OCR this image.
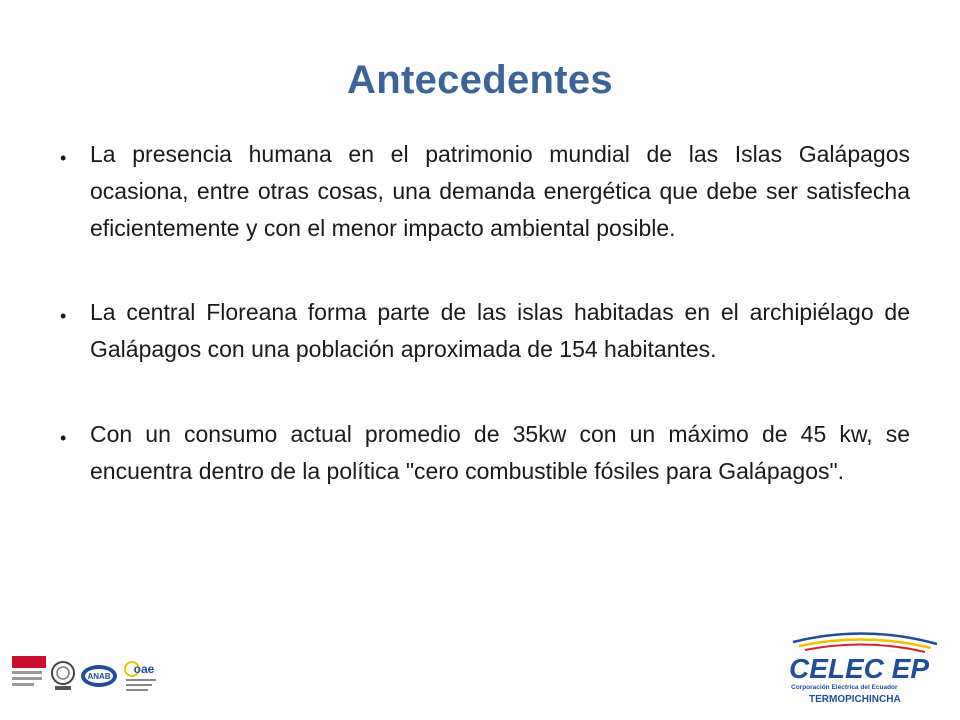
Antecedentes
• La presencia humana en el patrimonio mundial de las Islas Galápagos ocasiona, entre otras cosas, una demanda energética que debe ser satisfecha eficientemente y con el menor impacto ambiental posible.
• La central Floreana forma parte de las islas habitadas en el archipiélago de Galápagos con una población aproximada de 154 habitantes.
• Con un consumo actual promedio de 35kw con un máximo de 45 kw, se encuentra dentro de la política "cero combustible fósiles para Galápagos".
ANAB
oae	CELEC EP
Corporación Eléctrica del Ecuador
TERMOPICHINCHA
